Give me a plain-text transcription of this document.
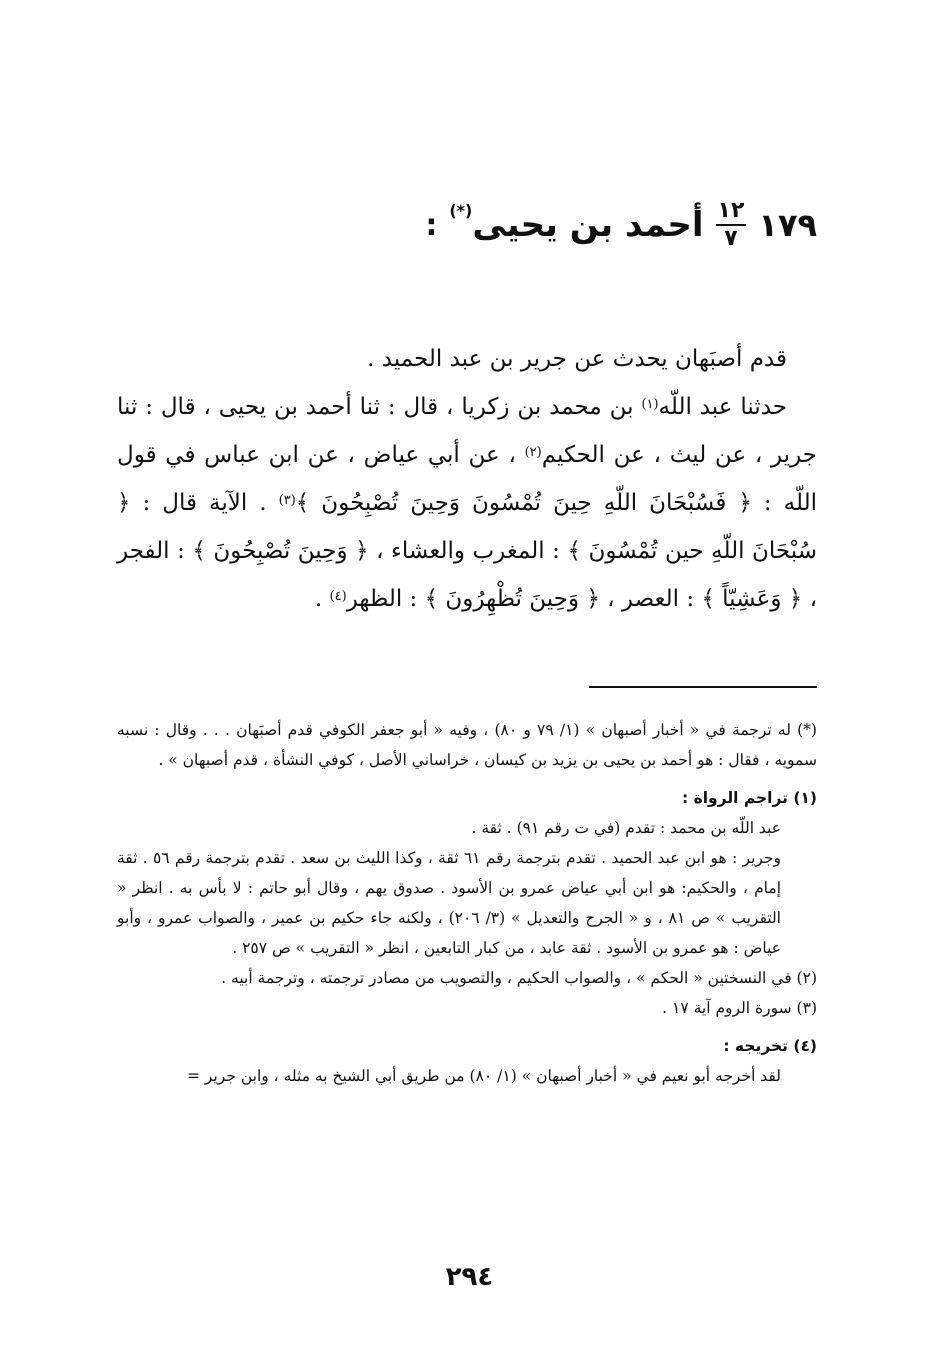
١٧٩
$\frac{١٢}{٧}$
أحمد بن يحيى(*)
:

قدم أصبَهان يحدث عن جرير بن عبد الحميد .

حدثنا عبد اللّه$^{(١)}$ بن محمد بن زكريا ، قال : ثنا أحمد بن يحيى ، قال : ثنا جرير ، عن ليث ، عن الحكيم$^{(٢)}$ ، عن أبي عياض ، عن ابن عباس في قول اللّه : ﴿ فَسُبْحَانَ اللّهِ حِينَ تُمْسُونَ وَحِينَ تُصْبِحُونَ ﴾$^{(٣)}$ . الآية قال : ﴿ سُبْحَانَ اللّهِ حين تُمْسُونَ ﴾ : المغرب والعشاء ، ﴿ وَحِينَ تُصْبِحُونَ ﴾ : الفجر ، ﴿ وَعَشِيّاً ﴾ : العصر ، ﴿ وَحِينَ تُظْهِرُونَ ﴾ : الظهر$^{(٤)}$ .

(*) له ترجمة في « أخبار أصبهان » (١/ ٧٩ و ٨٠) ، وفيه « أبو جعفر الكوفي قدم أصبَهان . . . وقال : نسبه سمويه ، فقال : هو أحمد بن يحيى بن يزيد بن كيسان ، خراساني الأصل ، كوفي النشأة ، قدم أصبهان » .

(١) تراجم الرواة :

عبد اللّه بن محمد : تقدم (في ت رقم ٩١) . ثقة .

وجرير : هو ابن عبد الحميد . تقدم بترجمة رقم ٦١ ثقة ، وكذا الليث بن سعد . تقدم بترجمة رقم ٥٦ . ثقة إمام ، والحكيم: هو ابن أبي عياض عمرو بن الأسود . صدوق يهم ، وقال أبو حاتم : لا بأس به . انظر « التقريب » ص ٨١ ، و « الجرح والتعديل » (٣/ ٢٠٦) ، ولكنه جاء حكيم بن عمير ، والصواب عمرو ، وأبو عياض : هو عمرو بن الأسود . ثقة عابد ، من كبار التابعين ، انظر « التقريب » ص ٢٥٧ .

(٢) في النسختين « الحكم » ، والصواب الحكيم ، والتصويب من مصادر ترجمته ، وترجمة أبيه .

(٣) سورة الروم آية ١٧ .

(٤) تخريجه :

لقد أخرجه أبو نعيم في « أخبار أصبهان » (١/ ٨٠) من طريق أبي الشيخ به مثله ، وابن جرير =

٢٩٤
